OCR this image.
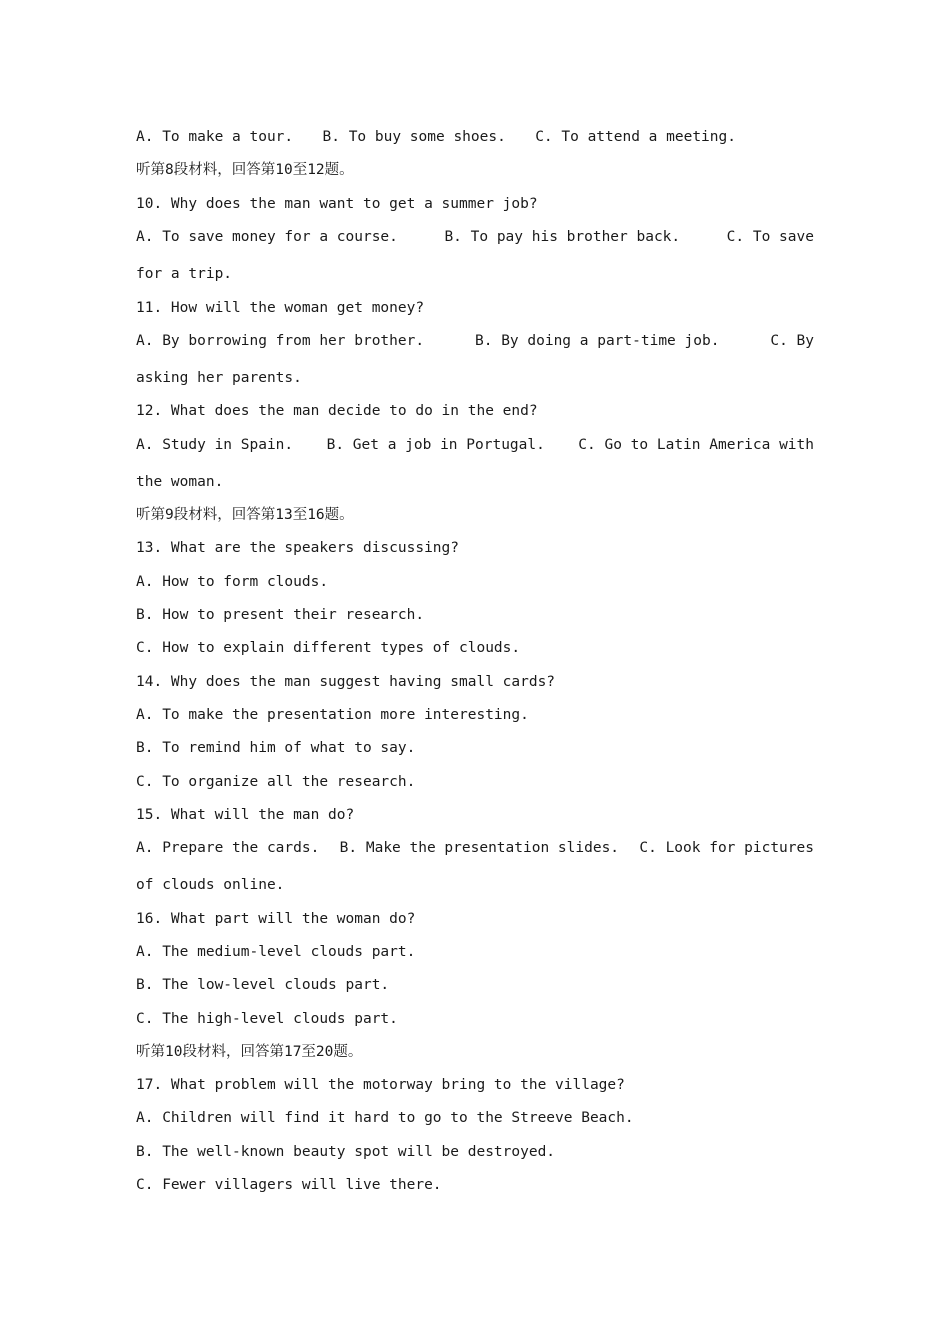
A. To make a tour. B. To buy some shoes. C. To attend a meeting.
听第8段材料，回答第10至12题。
10. Why does the man want to get a summer job?
A. To save money for a course.	B. To pay his brother back.	C. To save
for a trip.
11. How will the woman get money?
A. By borrowing from her brother.	B. By doing a part-time job.	C. By
asking her parents.
12. What does the man decide to do in the end?
A. Study in Spain. B. Get a job in Portugal. C. Go to Latin America with
the woman.
听第9段材料，回答第13至16题。
13. What are the speakers discussing?
A. How to form clouds.
B. How to present their research.
C. How to explain different types of clouds.
14. Why does the man suggest having small cards?
A. To make the presentation more interesting.
B. To remind him of what to say.
C. To organize all the research.
15. What will the man do?
A. Prepare the cards. B. Make the presentation slides. C. Look for pictures
of clouds online.
16. What part will the woman do?
A. The medium-level clouds part.
B. The low-level clouds part.
C. The high-level clouds part.
听第10段材料，回答第17至20题。
17. What problem will the motorway bring to the village?
A. Children will find it hard to go to the Streeve Beach.
B. The well-known beauty spot will be destroyed.
C. Fewer villagers will live there.
